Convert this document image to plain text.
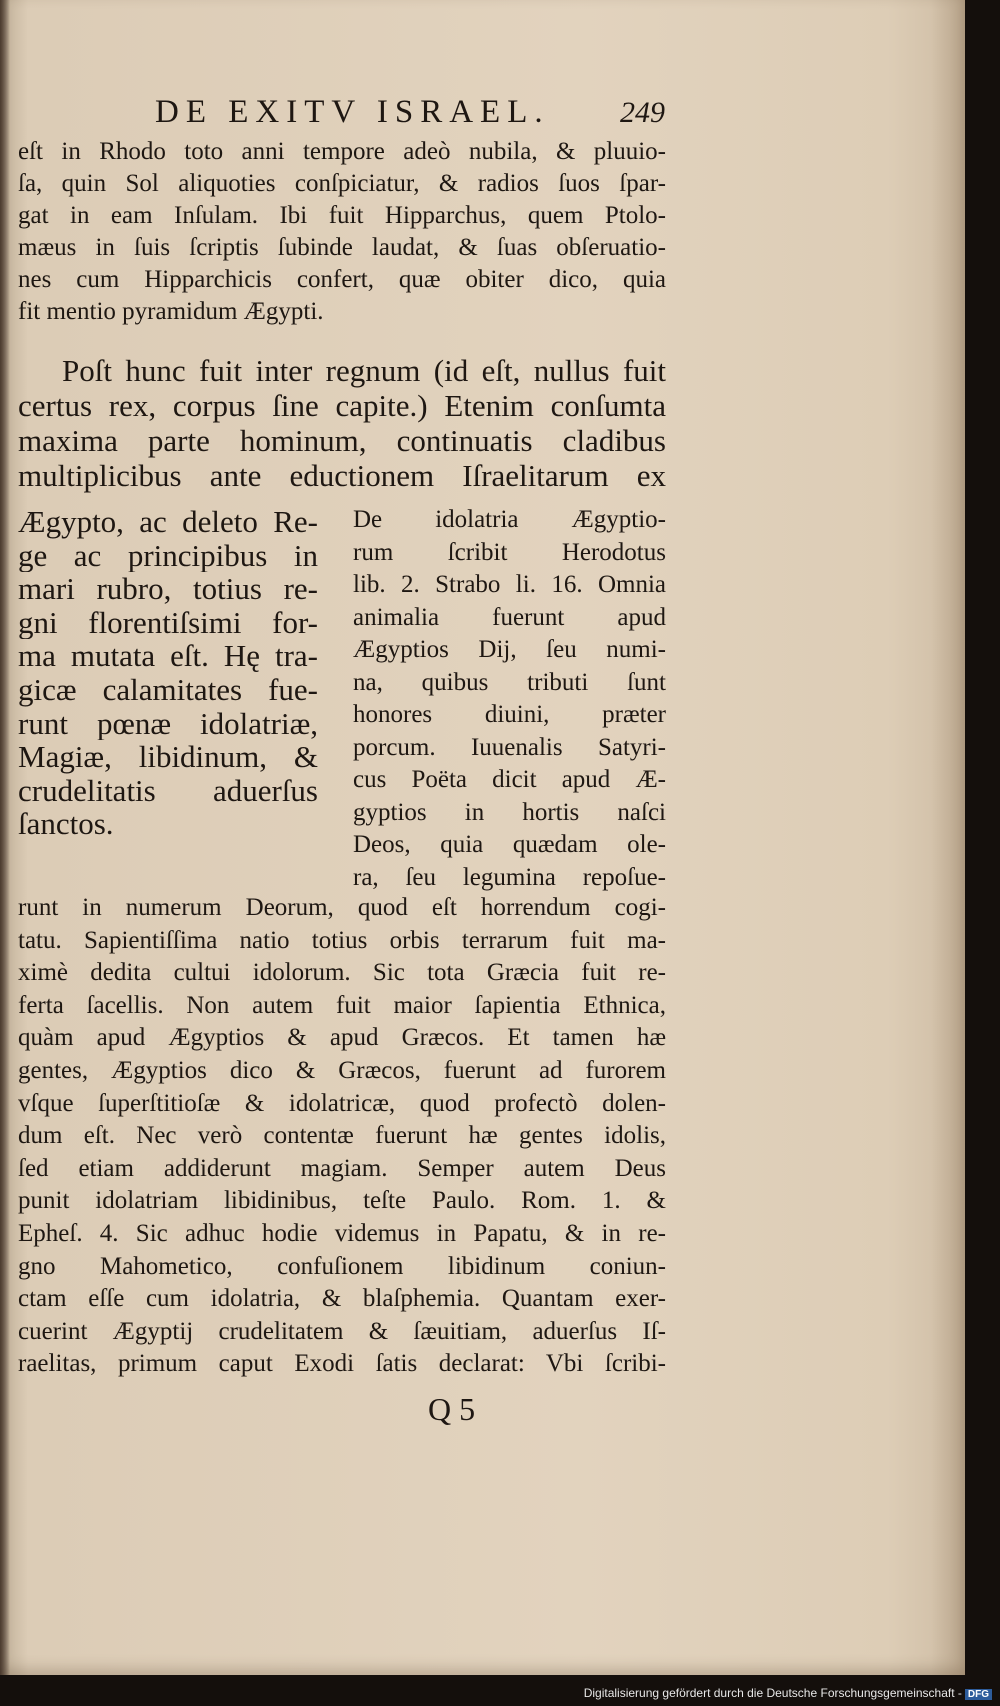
DE EXITV ISRAEL. 249
eſt in Rhodo toto anni tempore adeò nubila, & pluuio-
ſa, quin Sol aliquoties conſpiciatur, & radios ſuos ſpar-
gat in eam Inſulam. Ibi fuit Hipparchus, quem Ptolo-
mæus in ſuis ſcriptis ſubinde laudat, & ſuas obſeruatio-
nes cum Hipparchicis confert, quæ obiter dico, quia
fit mentio pyramidum Ægypti.
Poſt hunc fuit inter regnum (id eſt, nullus fuit
certus rex, corpus ſine capite.) Etenim conſumta
maxima parte hominum, continuatis cladibus
multiplicibus ante eductionem Iſraelitarum ex
Ægypto, ac deleto Re-
ge ac principibus in
mari rubro, totius re-
gni florentiſsimi for-
ma mutata eſt. Hę tra-
gicæ calamitates fue-
runt pœnæ idolatriæ,
Magiæ, libidinum, &
crudelitatis aduerſus
ſanctos.
De idolatria Ægyptio-
rum ſcribit Herodotus
lib. 2. Strabo li. 16. Omnia
animalia fuerunt apud
Ægyptios Dij, ſeu numi-
na, quibus tributi ſunt
honores diuini, præter
porcum. Iuuenalis Satyri-
cus Poëta dicit apud Æ-
gyptios in hortis naſci
Deos, quia quædam ole-
ra, ſeu legumina repoſue-
runt in numerum Deorum, quod eſt horrendum cogi-
tatu. Sapientiſſima natio totius orbis terrarum fuit ma-
ximè dedita cultui idolorum. Sic tota Græcia fuit re-
ferta ſacellis. Non autem fuit maior ſapientia Ethnica,
quàm apud Ægyptios & apud Græcos. Et tamen hæ
gentes, Ægyptios dico & Græcos, fuerunt ad furorem
vſque ſuperſtitioſæ & idolatricæ, quod profectò dolen-
dum eſt. Nec verò contentæ fuerunt hæ gentes idolis,
ſed etiam addiderunt magiam. Semper autem Deus
punit idolatriam libidinibus, teſte Paulo. Rom. 1. &
Epheſ. 4. Sic adhuc hodie videmus in Papatu, & in re-
gno Mahometico, confuſionem libidinum coniun-
ctam eſſe cum idolatria, & blaſphemia. Quantam exer-
cuerint Ægyptij crudelitatem & ſæuitiam, aduerſus Iſ-
raelitas, primum caput Exodi ſatis declarat: Vbi ſcribi-
Q 5
Digitalisierung gefördert durch die Deutsche Forschungsgemeinschaft - DFG
